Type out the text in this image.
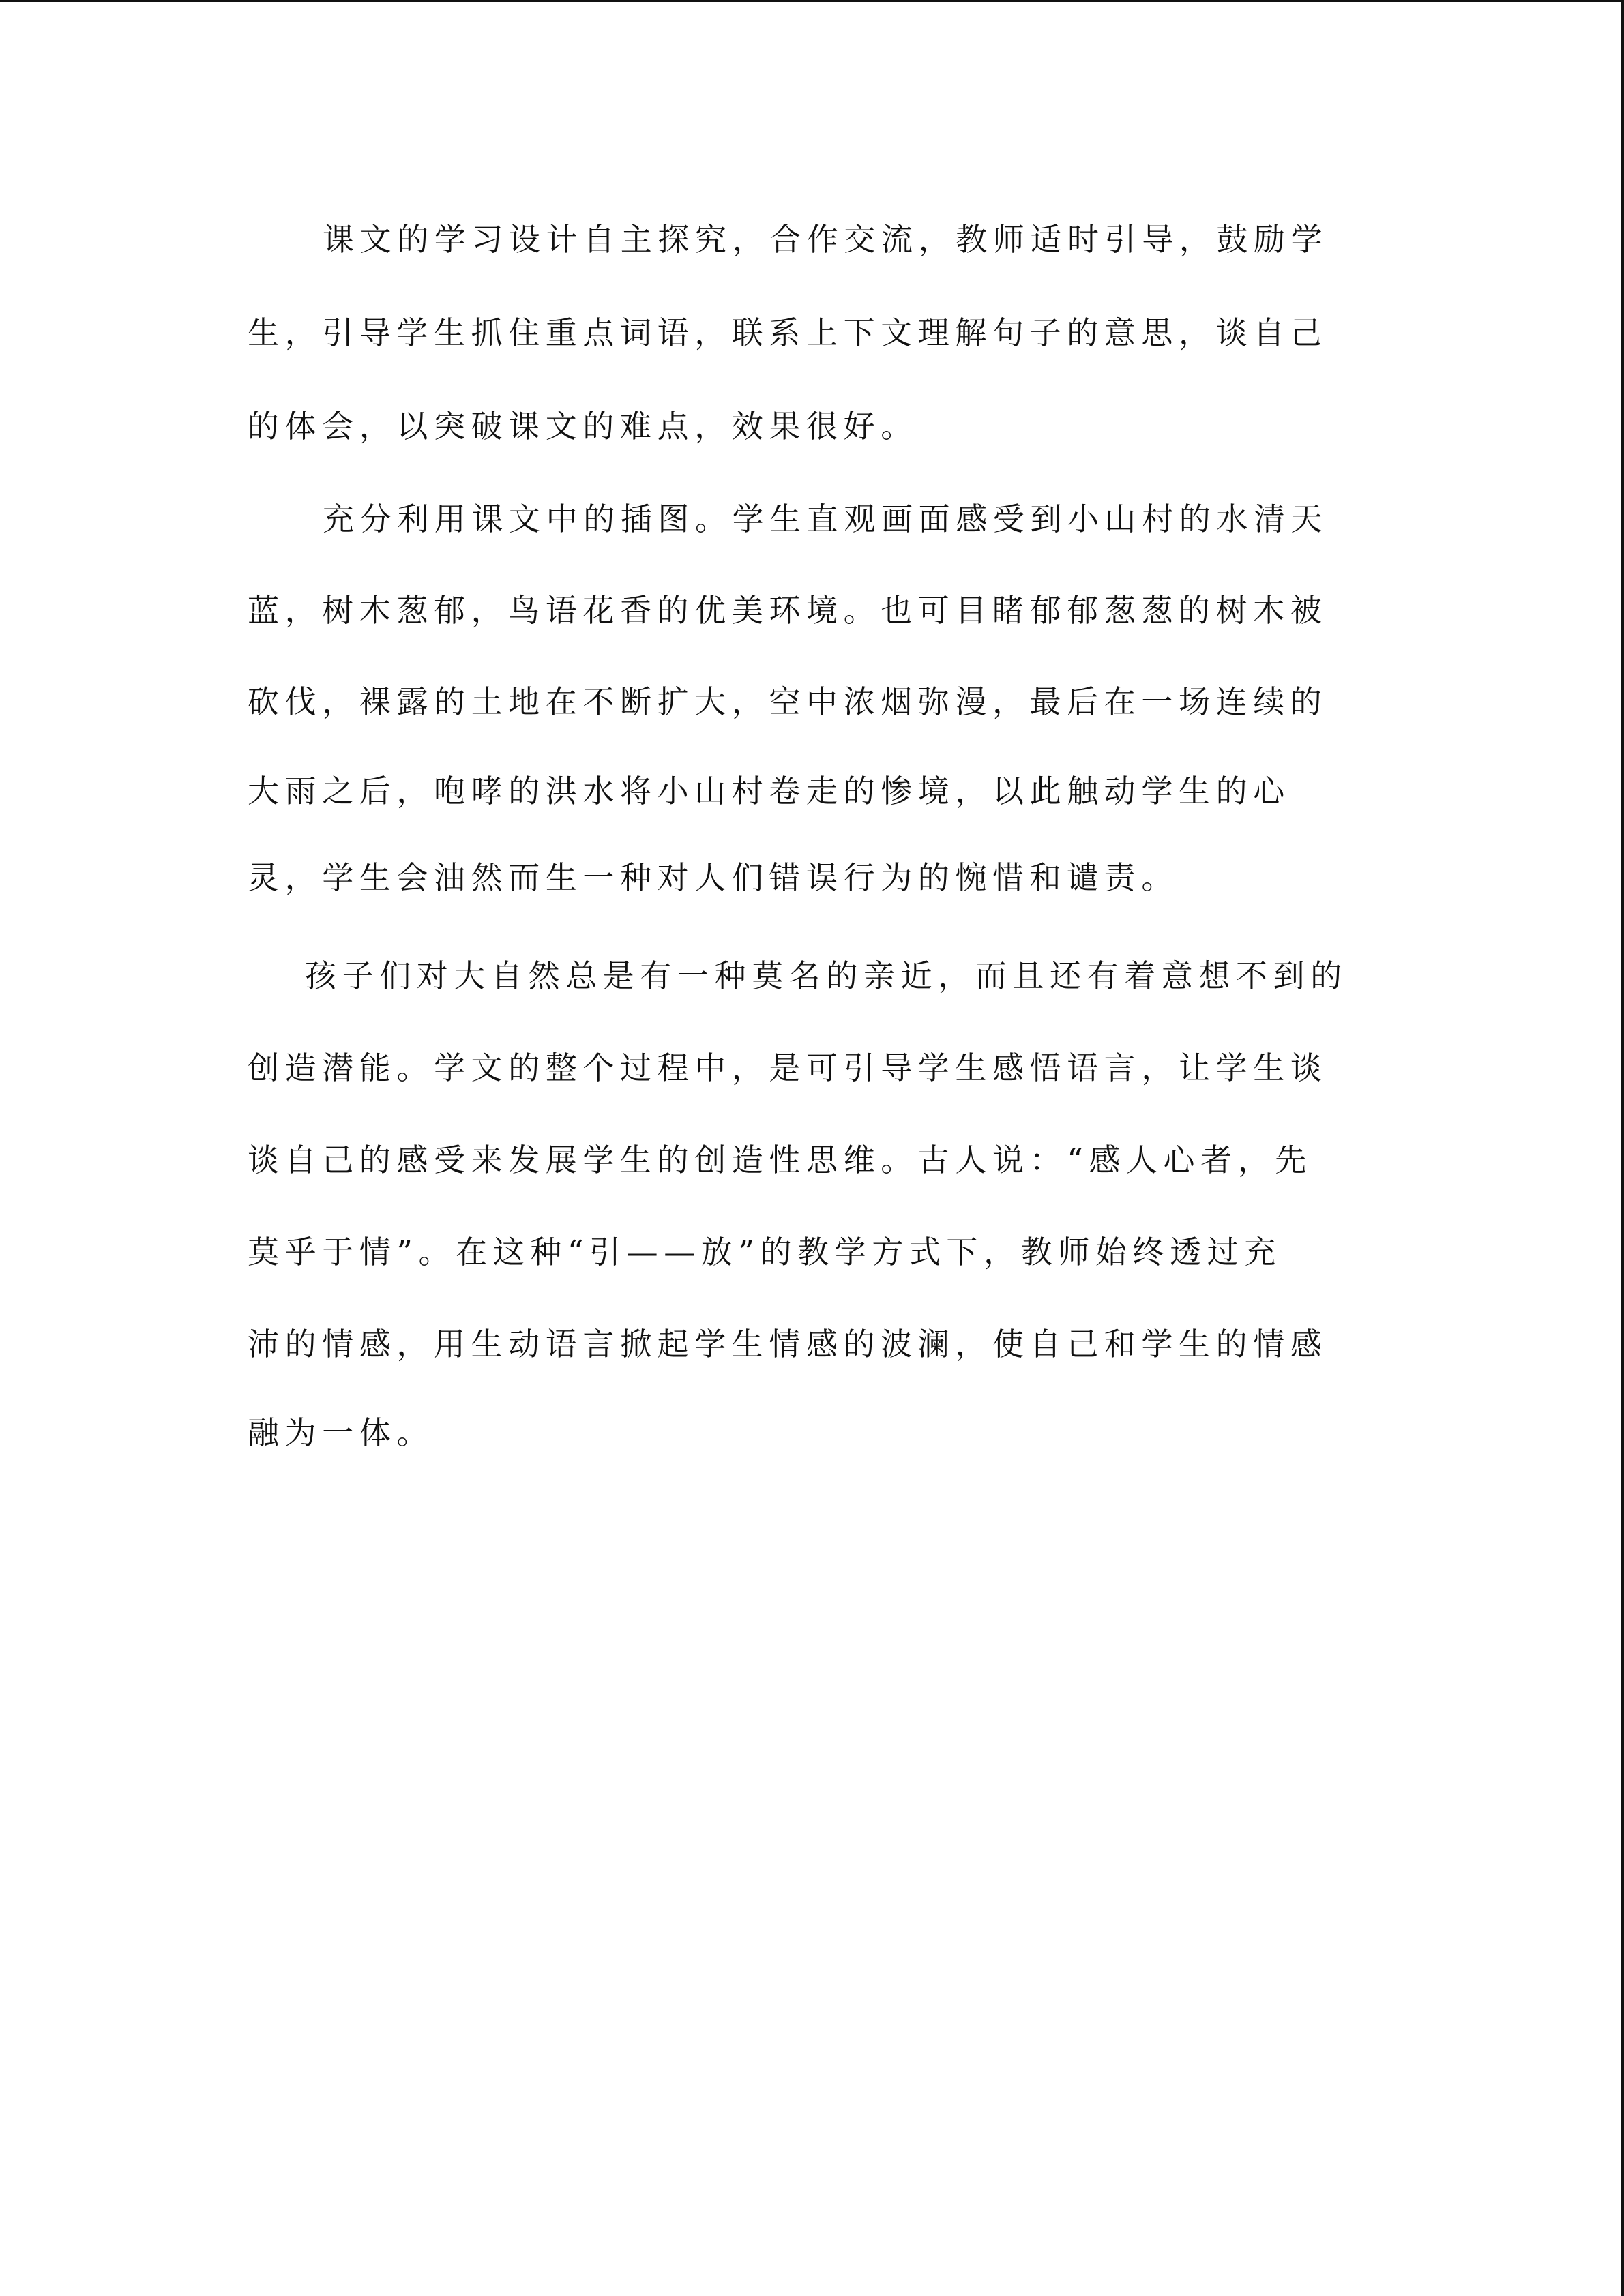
课文的学习设计自主探究，合作交流，教师适时引导，鼓励学
生，引导学生抓住重点词语，联系上下文理解句子的意思，谈自己
的体会，以突破课文的难点，效果很好。
充分利用课文中的插图。学生直观画面感受到小山村的水清天
蓝，树木葱郁，鸟语花香的优美环境。也可目睹郁郁葱葱的树木被
砍伐，裸露的土地在不断扩大，空中浓烟弥漫，最后在一场连续的
大雨之后，咆哮的洪水将小山村卷走的惨境，以此触动学生的心
灵，学生会油然而生一种对人们错误行为的惋惜和谴责。
孩子们对大自然总是有一种莫名的亲近，而且还有着意想不到的
创造潜能。学文的整个过程中，是可引导学生感悟语言，让学生谈
谈自己的感受来发展学生的创造性思维。古人说：“感人心者，先
莫乎于情”。在这种“引——放”的教学方式下，教师始终透过充
沛的情感，用生动语言掀起学生情感的波澜，使自己和学生的情感
融为一体。
